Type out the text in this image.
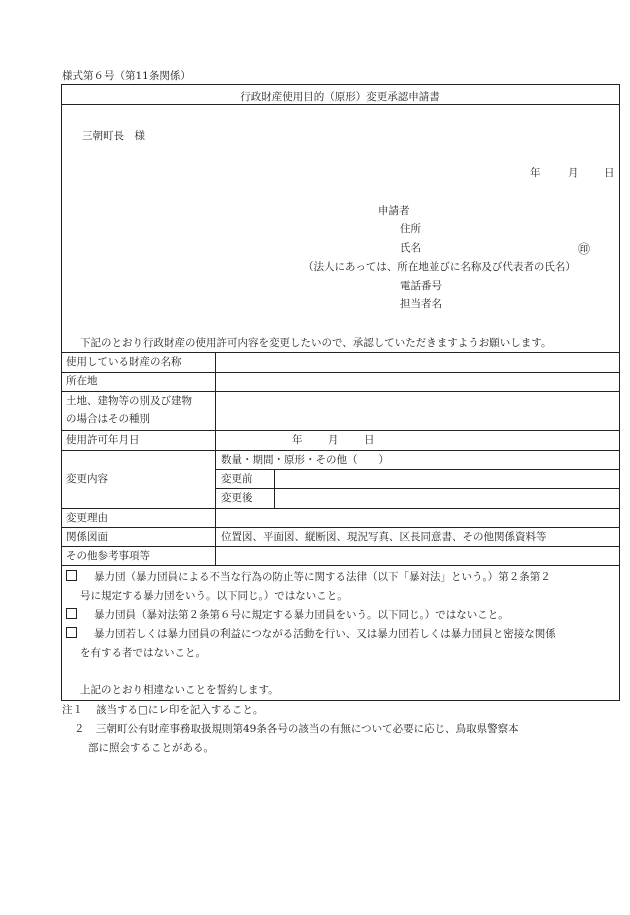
様式第６号（第11条関係）
行政財産使用目的（原形）変更承認申請書
三朝町長　様
年	月 日
申請者
住所
氏名	㊞
（法人にあっては、所在地並びに名称及び代表者の氏名）
電話番号
担当者名
下記のとおり行政財産の使用許可内容を変更したいので、承認していただきますようお願いします。
使用している財産の名称
所在地
土地、建物等の別及び建物
の場合はその種別
使用許可年月日	年 月 日
変更内容
数量・期間・原形・その他（　　）
変更前
変更後
変更理由
関係図面	位置図、平面図、縦断図、現況写真、区長同意書、その他関係資料等
その他参考事項等
暴力団（暴力団員による不当な行為の防止等に関する法律（以下「暴対法」という。）第２条第２
号に規定する暴力団をいう。以下同じ。）ではないこと。
暴力団員（暴対法第２条第６号に規定する暴力団員をいう。以下同じ。）ではないこと。
暴力団若しくは暴力団員の利益につながる活動を行い、又は暴力団若しくは暴力団員と密接な関係
を有する者ではないこと。
上記のとおり相違ないことを誓約します。
注１ 該当する□にレ印を記入すること。
２ 三朝町公有財産事務取扱規則第49条各号の該当の有無について必要に応じ、鳥取県警察本
部に照会することがある。
